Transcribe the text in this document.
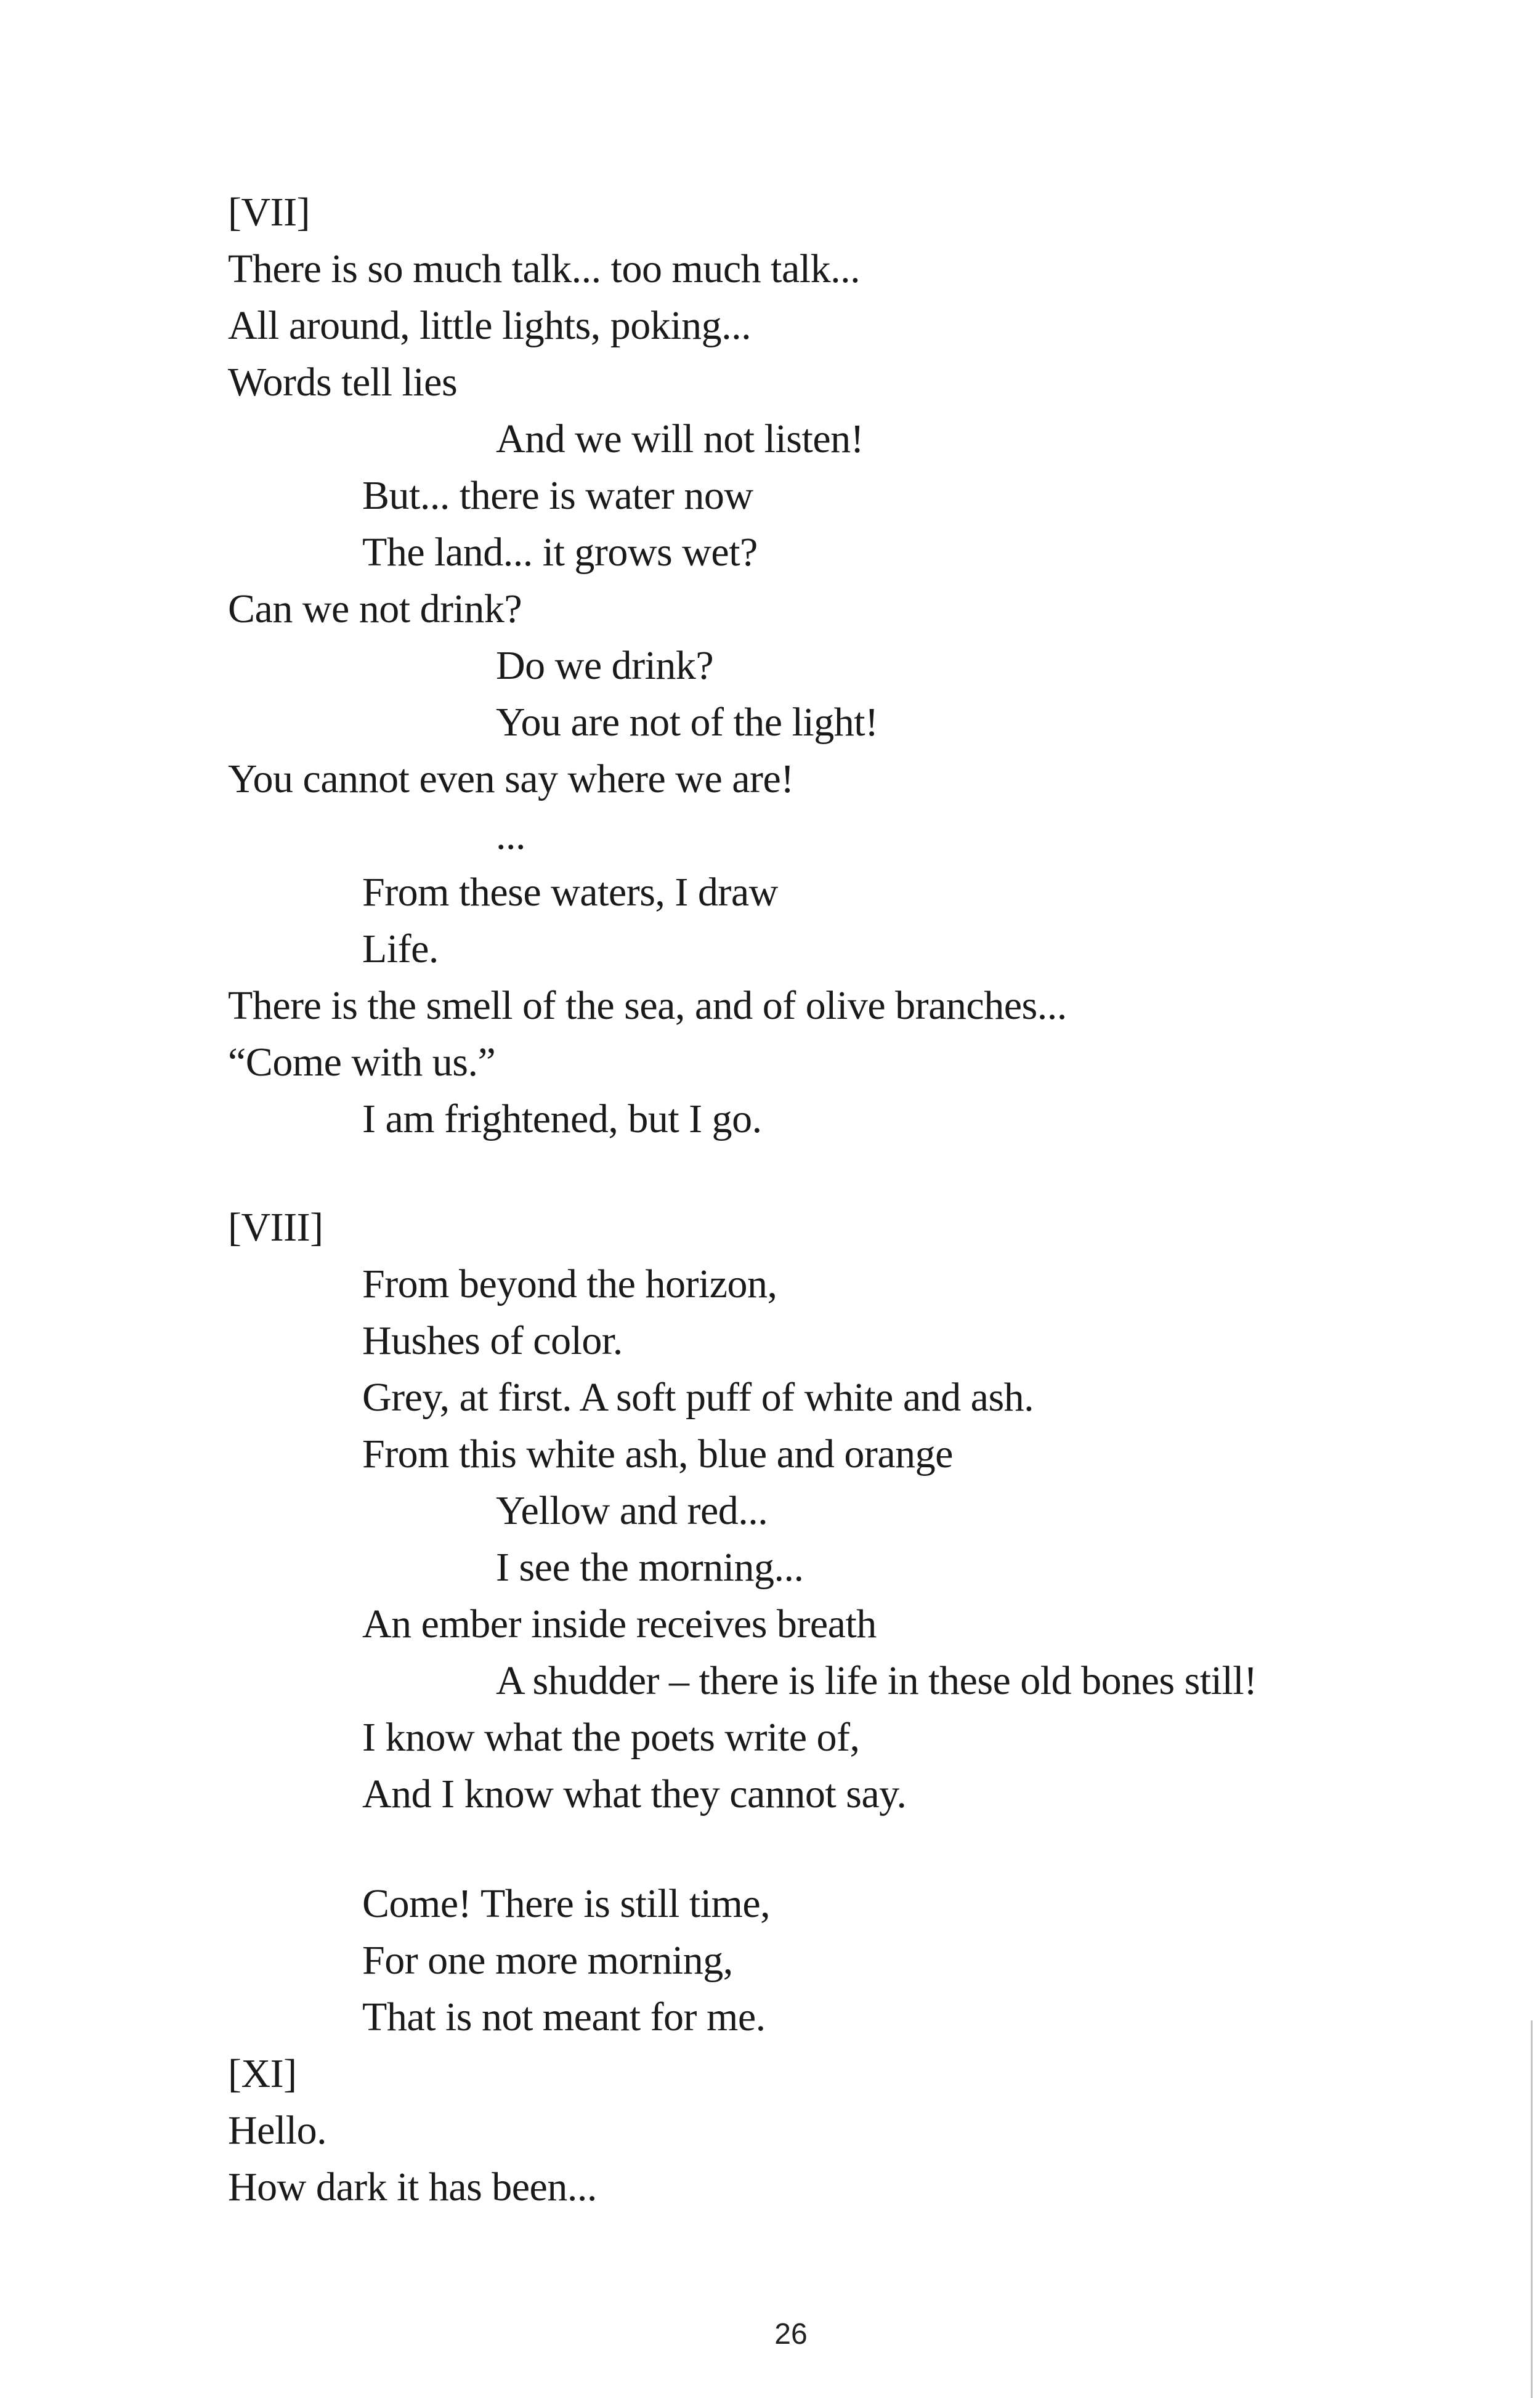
[VII]
There is so much talk... too much talk...
All around, little lights, poking...
Words tell lies
And we will not listen!
But... there is water now
The land... it grows wet?
Can we not drink?
Do we drink?
You are not of the light!
You cannot even say where we are!
...
From these waters, I draw
Life.
There is the smell of the sea, and of olive branches...
“Come with us.”
I am frightened, but I go.
[VIII]
From beyond the horizon,
Hushes of color.
Grey, at first. A soft puff of white and ash.
From this white ash, blue and orange
Yellow and red...
I see the morning...
An ember inside receives breath
A shudder – there is life in these old bones still!
I know what the poets write of,
And I know what they cannot say.
Come! There is still time,
For one more morning,
That is not meant for me.
[XI]
Hello.
How dark it has been...
26
